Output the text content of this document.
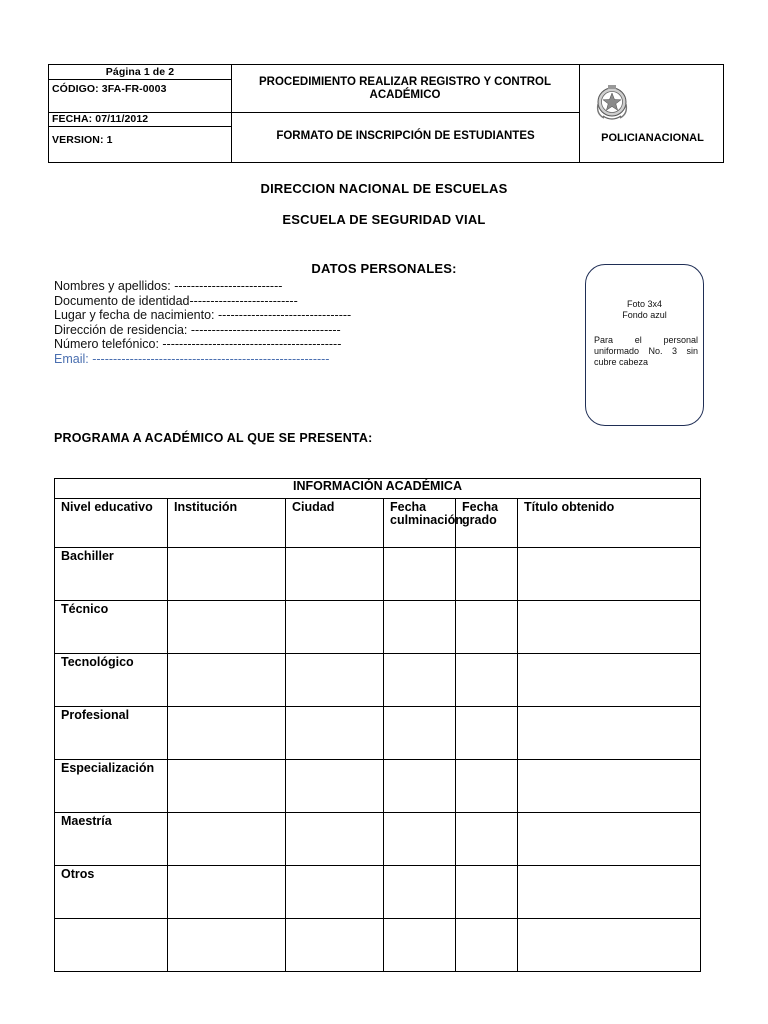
Página 1 de 2
CÓDIGO: 3FA-FR-0003
FECHA: 07/11/2012
VERSION: 1
PROCEDIMIENTO REALIZAR REGISTRO Y CONTROL ACADÉMICO
FORMATO DE INSCRIPCIÓN DE ESTUDIANTES	POLICIANACIONAL
DIRECCION NACIONAL DE ESCUELAS
ESCUELA DE SEGURIDAD VIAL
DATOS PERSONALES:
Nombres y apellidos: --------------------------
Documento de identidad--------------------------
Lugar y fecha de nacimiento: --------------------------------
Dirección de residencia: ------------------------------------
Número telefónico: -------------------------------------------
Email: ---------------------------------------------------------
Foto 3x4
Fondo azul
Para el personal uniformado No. 3 sin cubre cabeza
PROGRAMA A ACADÉMICO AL QUE SE PRESENTA:
INFORMACIÓN ACADÉMICA					
Nivel educativo	Institución	Ciudad	Fecha culminación	Fecha grado	Título obtenido
Bachiller					
Técnico					
Tecnológico					
Profesional					
Especialización					
Maestría					
Otros					
